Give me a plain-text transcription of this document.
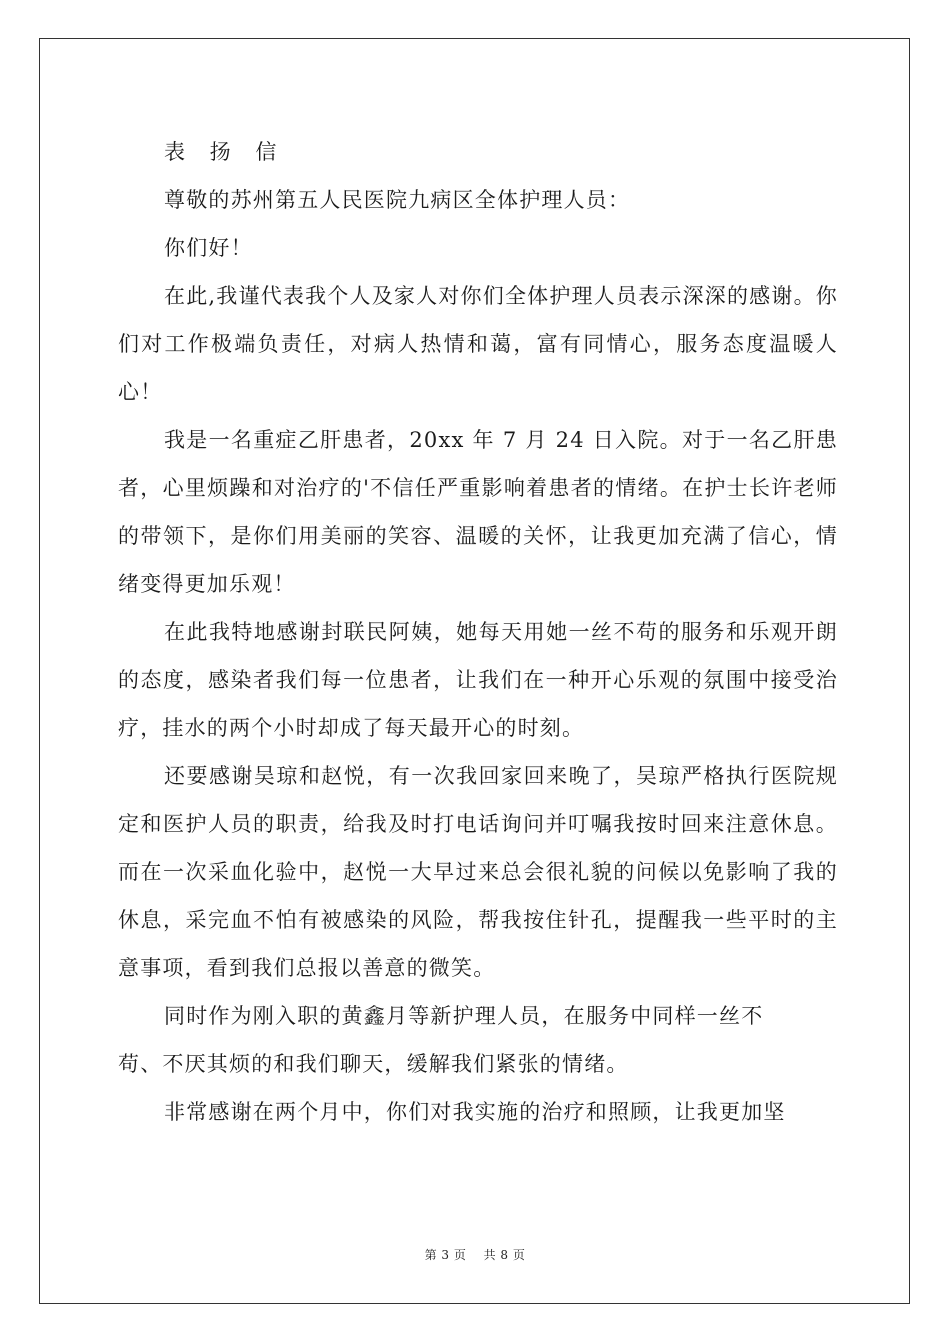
表 扬 信

尊敬的苏州第五人民医院九病区全体护理人员：

你们好！

在此,我谨代表我个人及家人对你们全体护理人员表示深深的感谢。你们对工作极端负责任，对病人热情和蔼，富有同情心，服务态度温暖人心！

我是一名重症乙肝患者，20xx 年 7 月 24 日入院。对于一名乙肝患者，心里烦躁和对治疗的'不信任严重影响着患者的情绪。在护士长许老师的带领下，是你们用美丽的笑容、温暖的关怀，让我更加充满了信心，情绪变得更加乐观！

在此我特地感谢封联民阿姨，她每天用她一丝不苟的服务和乐观开朗的态度，感染者我们每一位患者，让我们在一种开心乐观的氛围中接受治疗，挂水的两个小时却成了每天最开心的时刻。

还要感谢吴琼和赵悦，有一次我回家回来晚了，吴琼严格执行医院规定和医护人员的职责，给我及时打电话询问并叮嘱我按时回来注意休息。而在一次采血化验中，赵悦一大早过来总会很礼貌的问候以免影响了我的休息，采完血不怕有被感染的风险，帮我按住针孔，提醒我一些平时的主意事项，看到我们总报以善意的微笑。

同时作为刚入职的黄鑫月等新护理人员，在服务中同样一丝不

苟、不厌其烦的和我们聊天，缓解我们紧张的情绪。

非常感谢在两个月中，你们对我实施的治疗和照顾，让我更加坚

第 3 页    共 8 页
